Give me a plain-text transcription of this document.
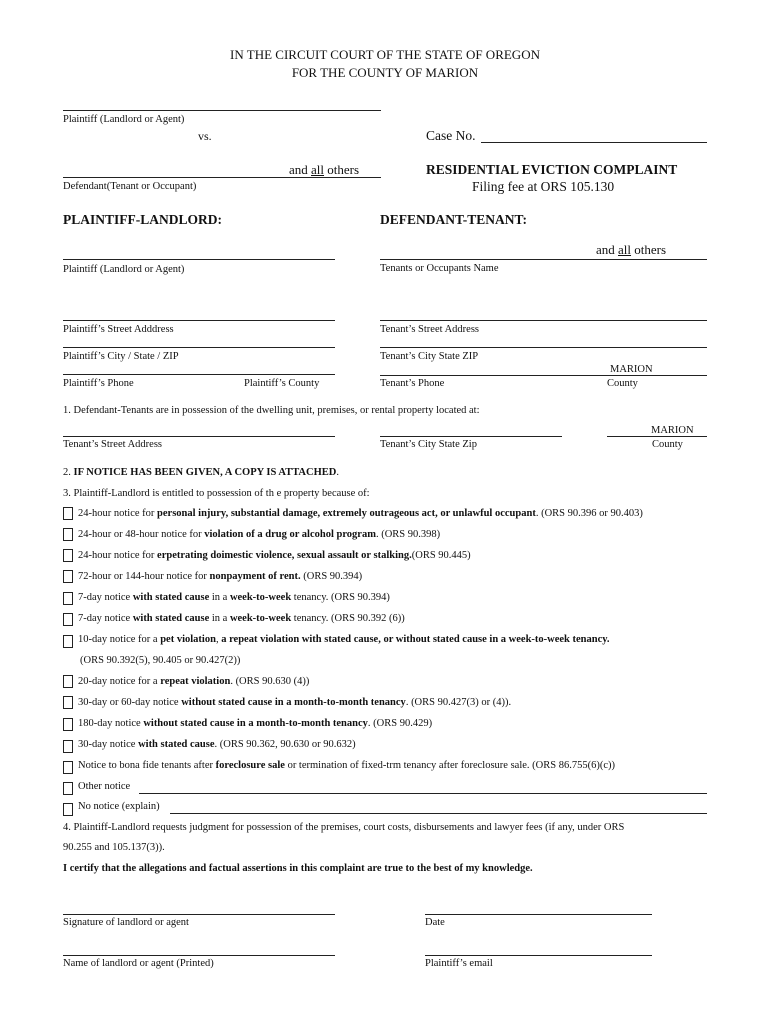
IN THE CIRCUIT COURT OF THE STATE OF OREGON
FOR THE COUNTY OF MARION
Plaintiff (Landlord or Agent)
vs.	Case No.
and all others
Defendant(Tenant or Occupant)
RESIDENTIAL EVICTION COMPLAINT
Filing fee at ORS 105.130
PLAINTIFF-LANDLORD:	DEFENDANT-TENANT:
and all others
Plaintiff (Landlord or Agent)	Tenants or Occupants Name
Plaintiff’s Street Adddress	Tenant’s Street Address
Plaintiff’s City / State / ZIP	Tenant’s City State ZIP
MARION
Plaintiff’s Phone	Plaintiff’s County	Tenant’s Phone	County
1. Defendant-Tenants are in possession of the dwelling unit, premises, or rental property located at:
MARION
Tenant’s Street Address	Tenant’s City State Zip	County
2. IF NOTICE HAS BEEN GIVEN, A COPY IS ATTACHED.
3. Plaintiff-Landlord is entitled to possession of th e property because of:
24-hour notice for personal injury, substantial damage, extremely outrageous act, or unlawful occupant. (ORS 90.396 or 90.403)
24-hour or 48-hour notice for violation of a drug or alcohol program. (ORS 90.398)
24-hour notice for erpetrating doimestic violence, sexual assault or stalking.(ORS 90.445)
72-hour or 144-hour notice for nonpayment of rent. (ORS 90.394)
7-day notice with stated cause in a week-to-week tenancy. (ORS 90.394)
7-day notice with stated cause in a week-to-week tenancy. (ORS 90.392 (6))
10-day notice for a pet violation, a repeat violation with stated cause, or without stated cause in a week-to-week tenancy.
20-day notice for a repeat violation. (ORS 90.630 (4))
30-day or 60-day notice without stated cause in a month-to-month tenancy. (ORS 90.427(3) or (4)).
180-day notice without stated cause in a month-to-month tenancy. (ORS 90.429)
30-day notice with stated cause. (ORS 90.362, 90.630 or 90.632)
Notice to bona fide tenants after foreclosure sale or termination of fixed-trm tenancy after foreclosure sale. (ORS 86.755(6)(c))
Other notice
No notice (explain)
(ORS 90.392(5), 90.405 or 90.427(2))
4. Plaintiff-Landlord requests judgment for possession of the premises, court costs, disbursements and lawyer fees (if any, under ORS
90.255 and 105.137(3)).
I certify that the allegations and factual assertions in this complaint are true to the best of my knowledge.
Signature of landlord or agent	Date
Name of landlord or agent (Printed)	Plaintiff’s email
